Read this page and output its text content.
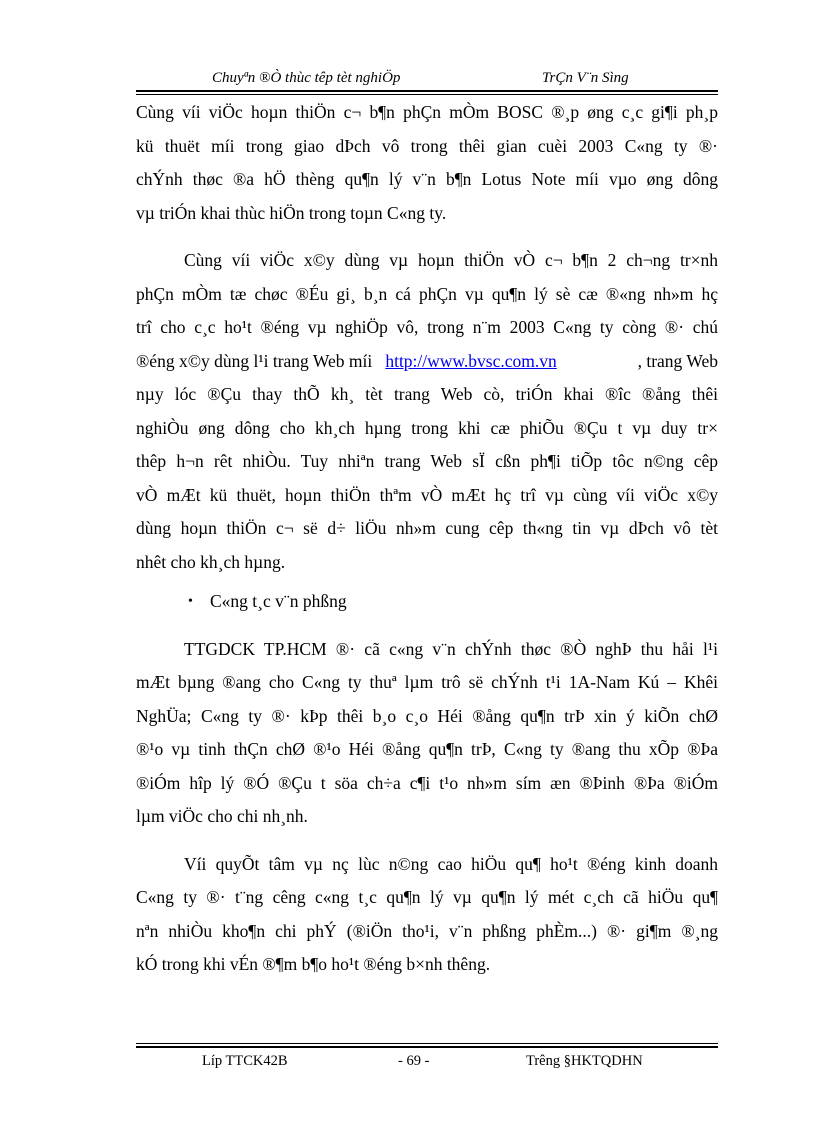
Chuyªn ®Ò thùc têp tèt nghiÖp	TrÇn V¨n Sìng
Cùng víi viÖc hoµn thiÖn c¬ b¶n phÇn mÒm BOSC ®¸p øng c¸c gi¶i ph¸p
kü thuët míi trong giao dÞch vô trong thêi gian cuèi 2003 C«ng ty ®·
chÝnh thøc ®a hÖ thèng qu¶n lý v¨n b¶n Lotus Note míi vµo øng dông
vµ triÓn khai thùc hiÖn trong toµn C«ng ty.
Cùng víi viÖc x©y dùng vµ hoµn thiÖn vÒ c¬ b¶n 2 ch¬ng tr×nh
phÇn mÒm tæ chøc ®Éu gi¸ b¸n cá phÇn vµ qu¶n lý sè cæ ®«ng nh»m hç
trî cho c¸c ho¹t ®éng vµ nghiÖp vô, trong n¨m 2003 C«ng ty còng ®· chú
®éng x©y dùng l¹i trang Web míi http://www.bvsc.com.vn	, trang Web
nµy lóc ®Çu thay thÕ kh¸ tèt trang Web cò, triÓn khai ®îc ®ång thêi
nghiÒu øng dông cho kh¸ch hµng trong khi cæ phiÕu ®Çu t vµ duy tr×
thêp h¬n rêt nhiÒu. Tuy nhiªn trang Web sÏ cßn ph¶i tiÕp tôc n©ng cêp
vÒ mÆt kü thuët, hoµn thiÖn thªm vÒ mÆt hç trî vµ cùng víi viÖc x©y
dùng hoµn thiÖn c¬ së d÷ liÖu nh»m cung cêp th«ng tin vµ dÞch vô tèt
nhêt cho kh¸ch hµng.
• C«ng t¸c v¨n phßng
TTGDCK TP.HCM ®· cã c«ng v¨n chÝnh thøc ®Ò nghÞ thu håi l¹i
mÆt bµng ®ang cho C«ng ty thuª lµm trô së chÝnh t¹i 1A-Nam Kú – Khêi
NghÜa; C«ng ty ®· kÞp thêi b¸o c¸o Héi ®ång qu¶n trÞ xin ý kiÕn chØ
®¹o vµ tinh thÇn chØ ®¹o Héi ®ång qu¶n trÞ, C«ng ty ®ang thu xÕp ®Þa
®iÓm hîp lý ®Ó ®Çu t söa ch÷a c¶i t¹o nh»m sím æn ®Þinh ®Þa ®iÓm
lµm viÖc cho chi nh¸nh.
Víi quyÕt tâm vµ nç lùc n©ng cao hiÖu qu¶ ho¹t ®éng kinh doanh
C«ng ty ®· t¨ng cêng c«ng t¸c qu¶n lý vµ qu¶n lý mét c¸ch cã hiÖu qu¶
nªn nhiÒu kho¶n chi phÝ (®iÖn tho¹i, v¨n phßng phÈm...) ®· gi¶m ®¸ng
kÓ trong khi vÉn ®¶m b¶o ho¹t ®éng b×nh thêng.
Líp TTCK42B	- 69 -	Trêng §HKTQDHN
